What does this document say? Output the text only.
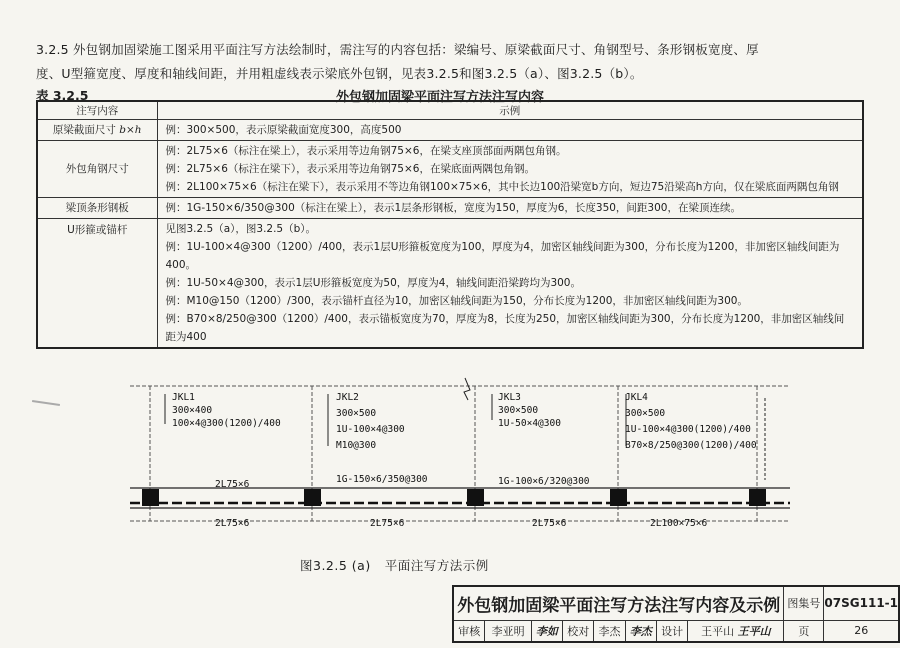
3.2.5 外包钢加固梁施工图采用平面注写方法绘制时，需注写的内容包括：梁编号、原梁截面尺寸、角钢型号、条形钢板宽度、厚
度、U型箍宽度、厚度和轴线间距，并用粗虚线表示梁底外包钢，见表3.2.5和图3.2.5（a）、图3.2.5（b）。
表 3.2.5	外包钢加固梁平面注写方法注写内容
注写内容	示例
原梁截面尺寸 b×h	例：300×500，表示原梁截面宽度300，高度500

外包角钢尺寸	例：2L75×6（标注在梁上），表示采用等边角钢75×6，在梁支座顶部面两隅包角钢。

例：2L75×6（标注在梁下），表示采用等边角钢75×6，在梁底面两隅包角钢。

例：2L100×75×6（标注在梁下），表示采用不等边角钢100×75×6，其中长边100沿梁宽b方向，短边75沿梁高h方向，仅在梁底面两隅包角钢

梁顶条形钢板	例：1G-150×6/350@300（标注在梁上），表示1层条形钢板，宽度为150，厚度为6，长度350，间距300，在梁顶连续。

U形箍或锚杆	见图3.2.5（a），图3.2.5（b）。

例：1U-100×4@300（1200）/400，表示1层U形箍板宽度为100，厚度为4，加密区轴线间距为300，分布长度为1200，非加密区轴线间距为400。

例：1U-50×4@300，表示1层U形箍板宽度为50，厚度为4，轴线间距沿梁跨均为300。

例：M10@150（1200）/300，表示锚杆直径为10，加密区轴线间距为150，分布长度为1200，非加密区轴线间距为300。

例：B70×8/250@300（1200）/400，表示锚板宽度为70，厚度为8，长度为250，加密区轴线间距为300，分布长度为1200，非加密区轴线间距为400

JKL1
300×400
100×4@300(1200)/400
JKL2
300×500
1U-100×4@300
M10@300
JKL3
300×500
1U-50×4@300
JKL4
300×500
1U-100×4@300(1200)/400
B70×8/250@300(1200)/400
1G-150×6/350@300	1G-100×6/320@300
2L75×6
2L75×6	2L75×6	2L75×6	2L100×75×6
图3.2.5 (a) 平面注写方法示例
外包钢加固梁平面注写方法注写内容及示例								图集号	07SG111-1
审核	李亚明	李如	校对	李杰	李杰	设计	王平山 王平山	页	26
